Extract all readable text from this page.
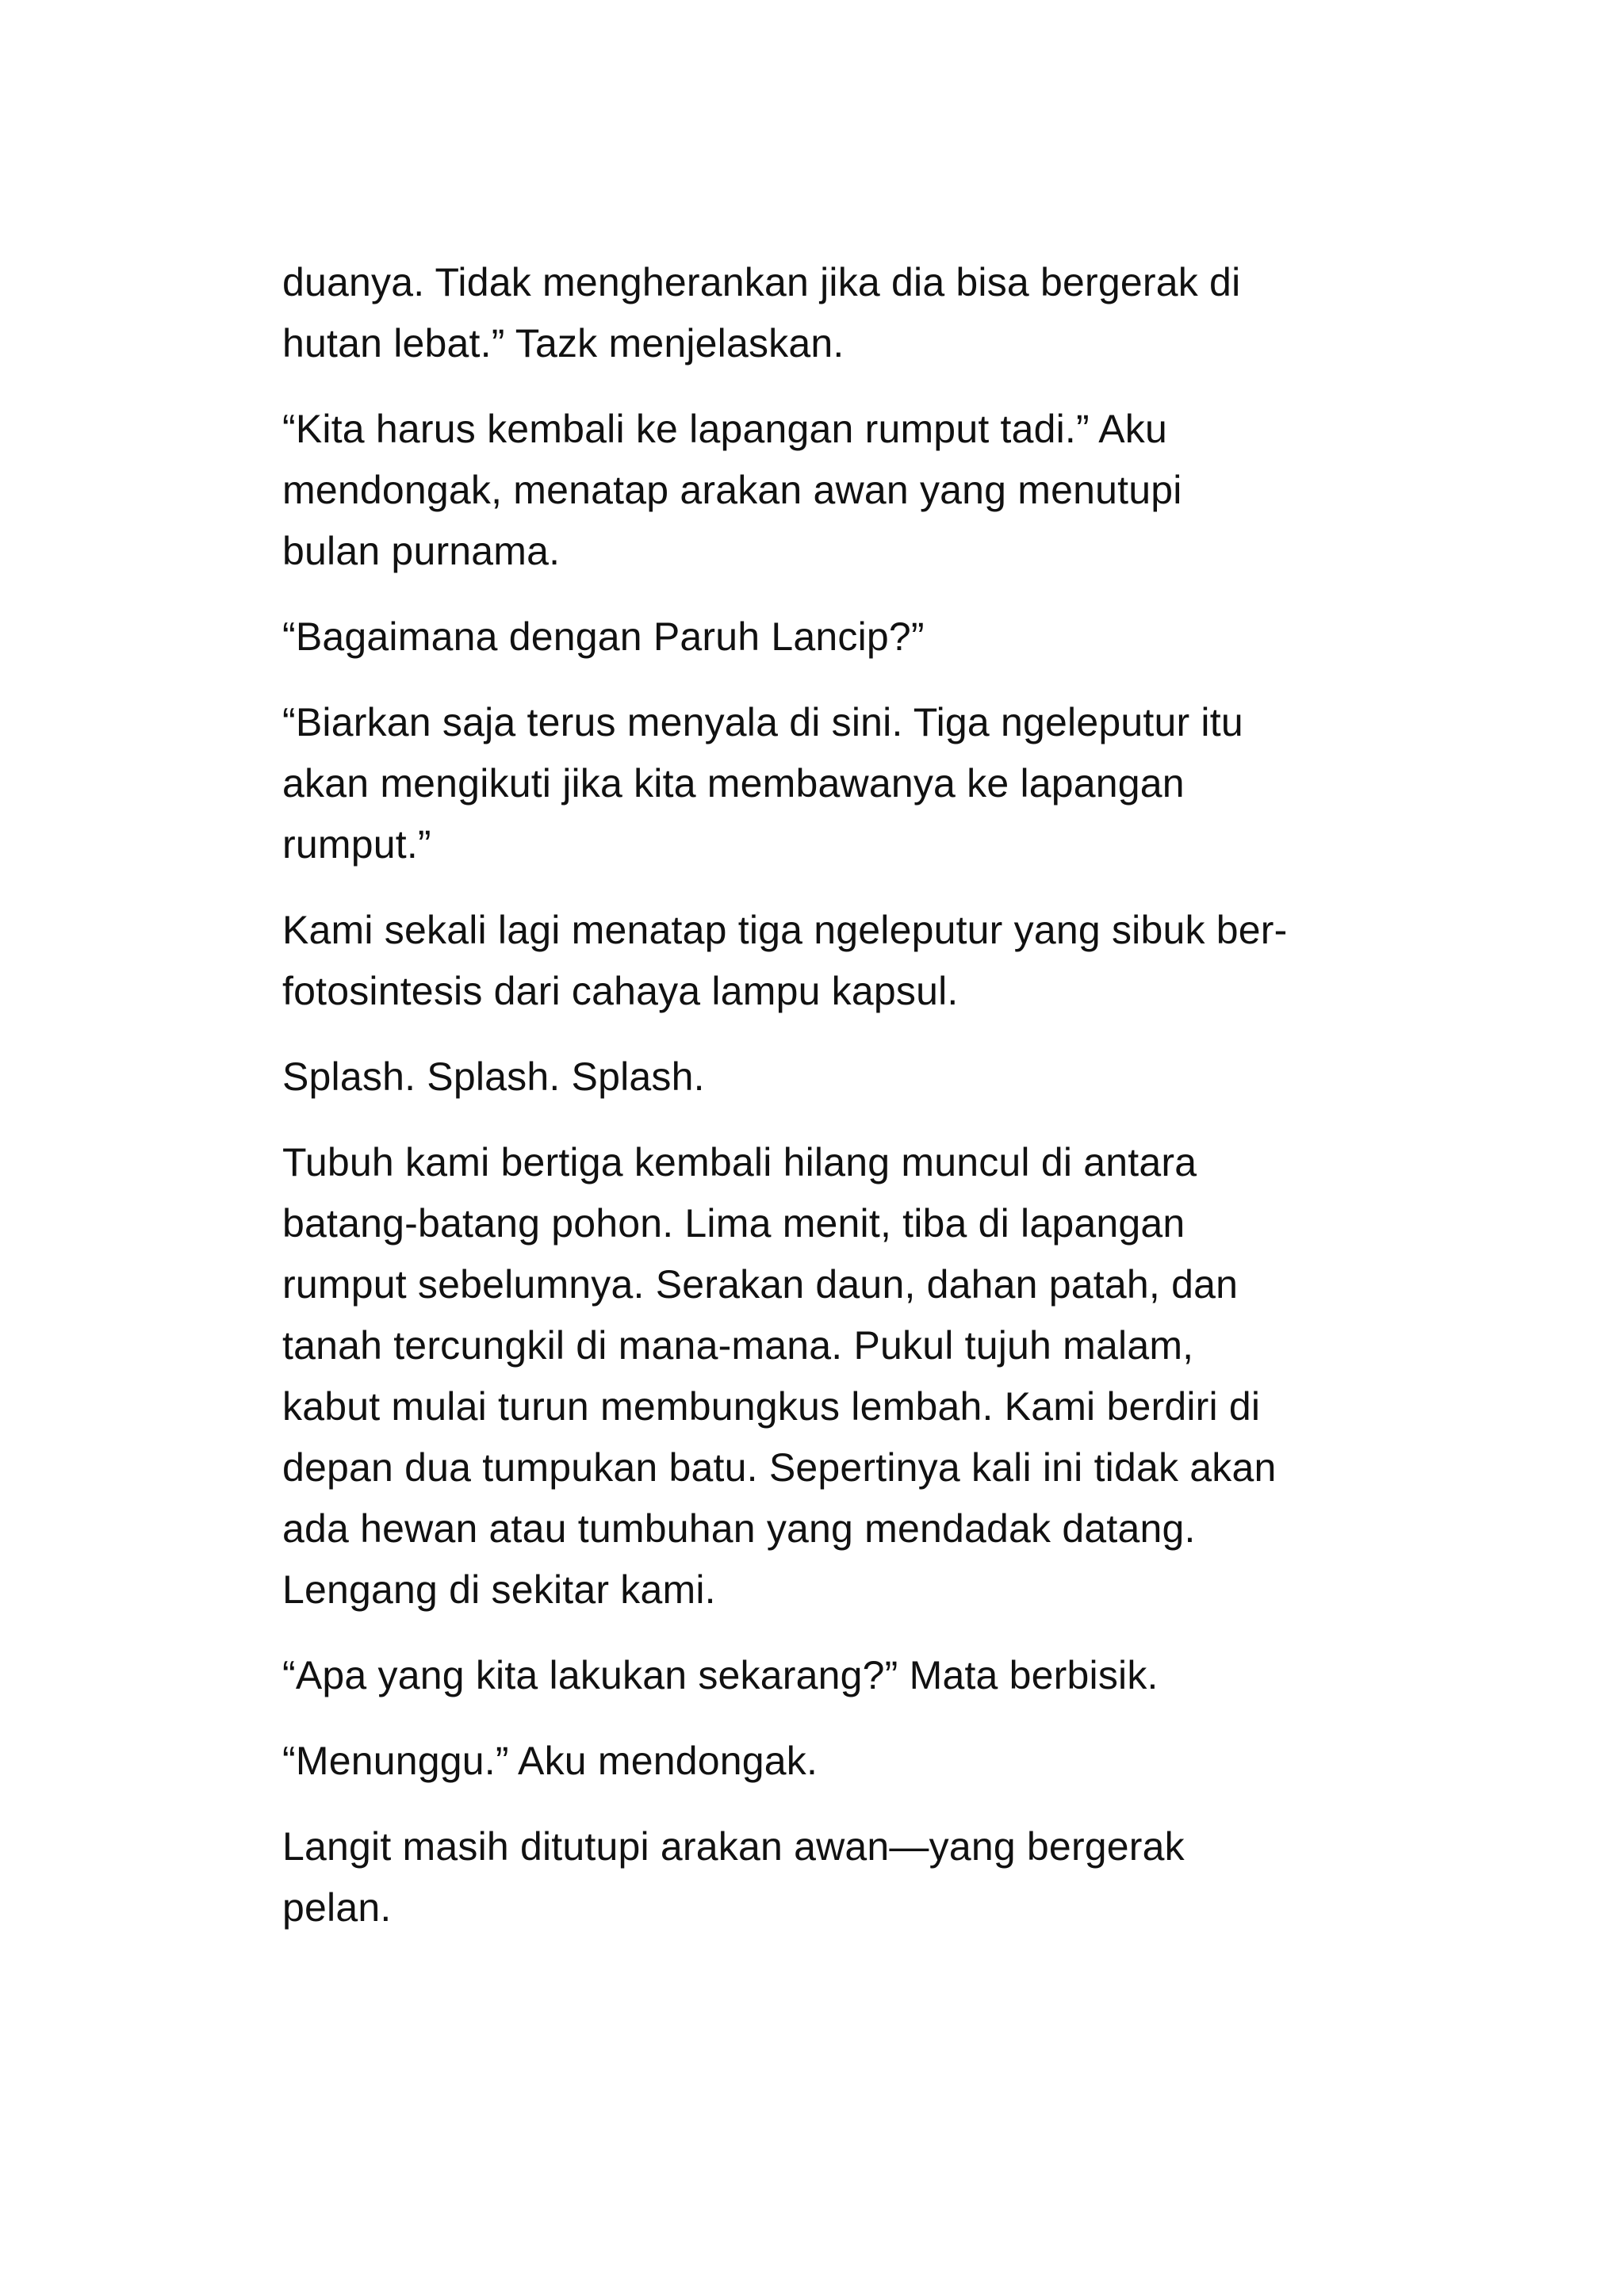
duanya. Tidak mengherankan jika dia bisa bergerak di
hutan lebat.” Tazk menjelaskan.

“Kita harus kembali ke lapangan rumput tadi.” Aku
mendongak, menatap arakan awan yang menutupi
bulan purnama.

“Bagaimana dengan Paruh Lancip?”

“Biarkan saja terus menyala di sini. Tiga ngeleputur itu
akan mengikuti jika kita membawanya ke lapangan
rumput.”

Kami sekali lagi menatap tiga ngeleputur yang sibuk ber-
fotosintesis dari cahaya lampu kapsul.

Splash. Splash. Splash.

Tubuh kami bertiga kembali hilang muncul di antara
batang-batang pohon. Lima menit, tiba di lapangan
rumput sebelumnya. Serakan daun, dahan patah, dan
tanah tercungkil di mana-mana. Pukul tujuh malam,
kabut mulai turun membungkus lembah. Kami berdiri di
depan dua tumpukan batu. Sepertinya kali ini tidak akan
ada hewan atau tumbuhan yang mendadak datang.
Lengang di sekitar kami.

“Apa yang kita lakukan sekarang?” Mata berbisik.

“Menunggu.” Aku mendongak.

Langit masih ditutupi arakan awan—yang bergerak
pelan.
